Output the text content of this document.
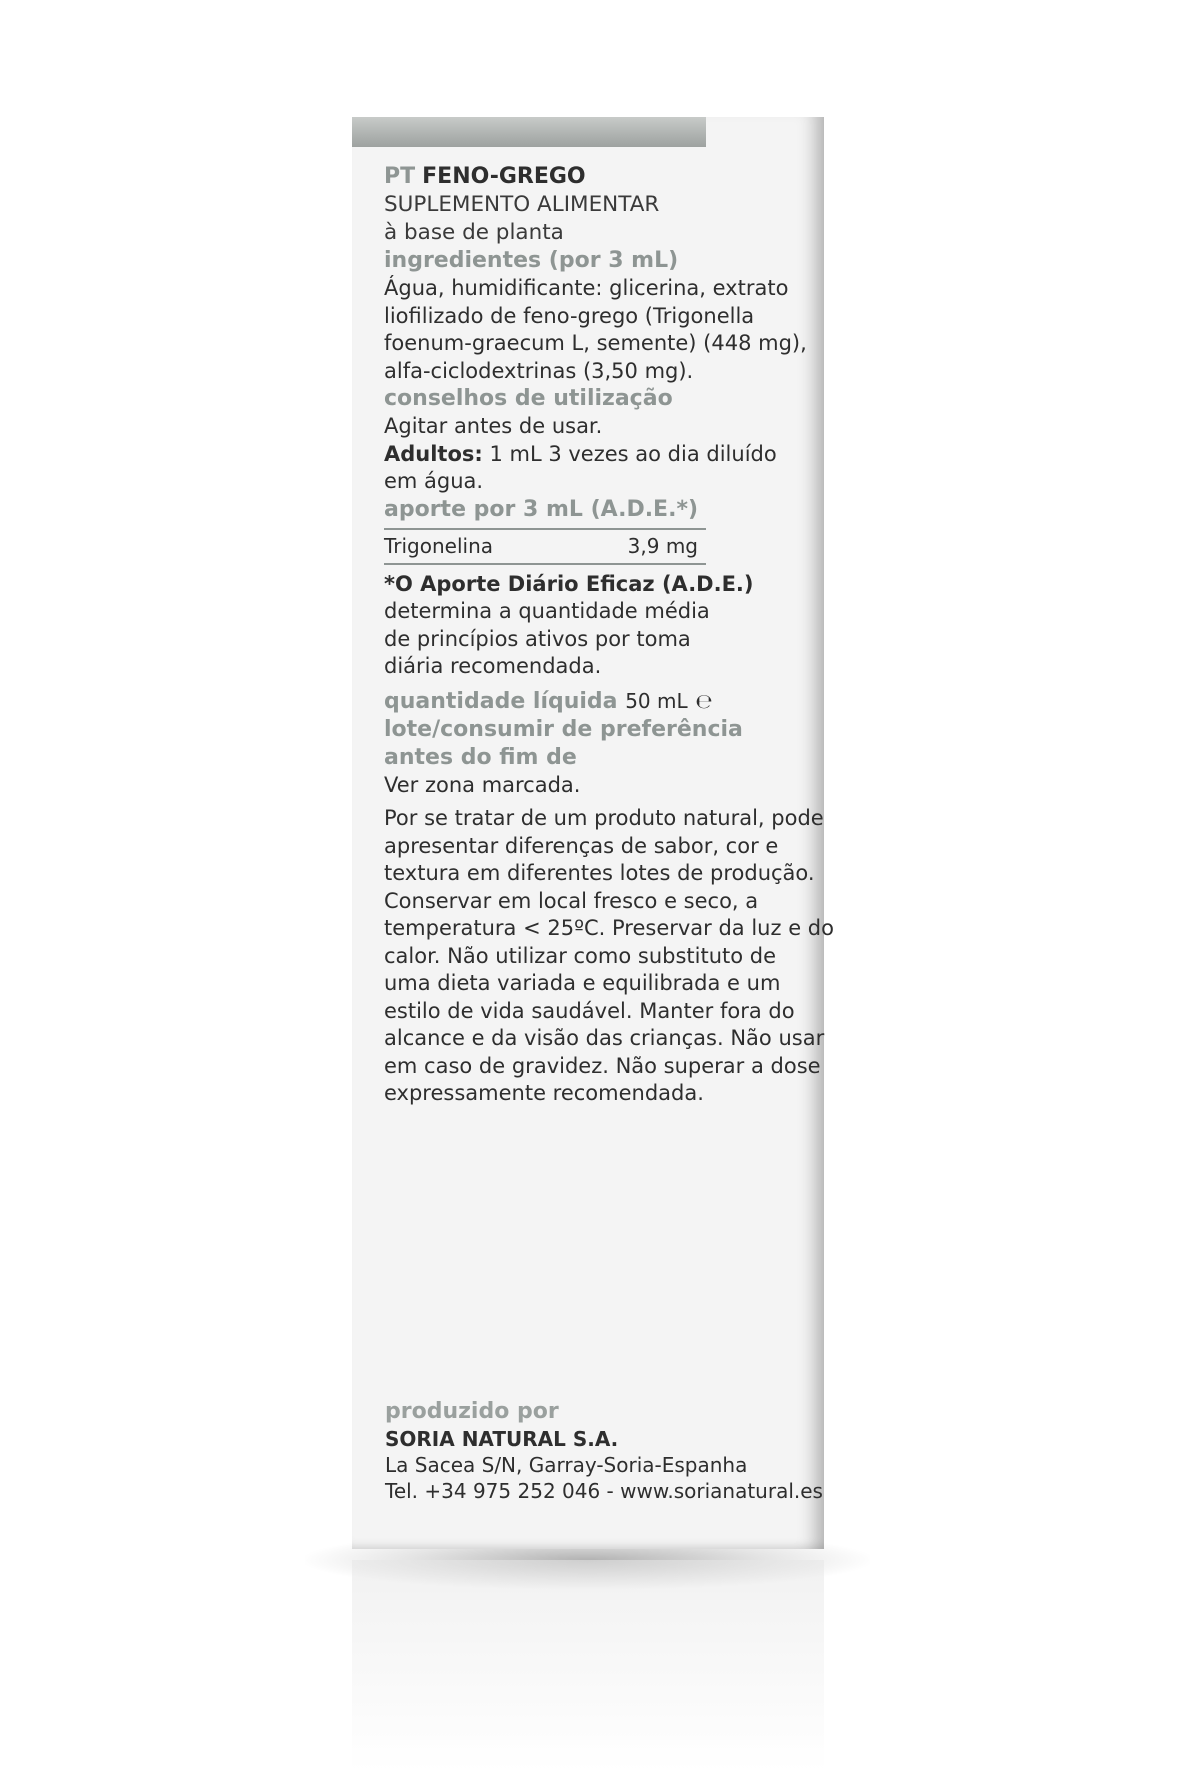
PT FENO-GREGO
SUPLEMENTO ALIMENTAR
à base de planta
ingredientes (por 3 mL)
Água, humidificante: glicerina, extrato
liofilizado de feno-grego (Trigonella
foenum-graecum L, semente) (448 mg),
alfa-ciclodextrinas (3,50 mg).
conselhos de utilização
Agitar antes de usar.
Adultos: 1 mL 3 vezes ao dia diluído
em água.
aporte por 3 mL (A.D.E.*)
Trigonelina	3,9 mg
*O Aporte Diário Eficaz (A.D.E.)
determina a quantidade média
de princípios ativos por toma
diária recomendada.
quantidade líquida 50 mL ℮
lote/consumir de preferência
antes do fim de
Ver zona marcada.
Por se tratar de um produto natural, pode
apresentar diferenças de sabor, cor e
textura em diferentes lotes de produção.
Conservar em local fresco e seco, a
temperatura < 25ºC. Preservar da luz e do
calor. Não utilizar como substituto de
uma dieta variada e equilibrada e um
estilo de vida saudável. Manter fora do
alcance e da visão das crianças. Não usar
em caso de gravidez. Não superar a dose
expressamente recomendada.
produzido por
SORIA NATURAL S.A.
La Sacea S/N, Garray-Soria-Espanha
Tel. +34 975 252 046 - www.sorianatural.es
